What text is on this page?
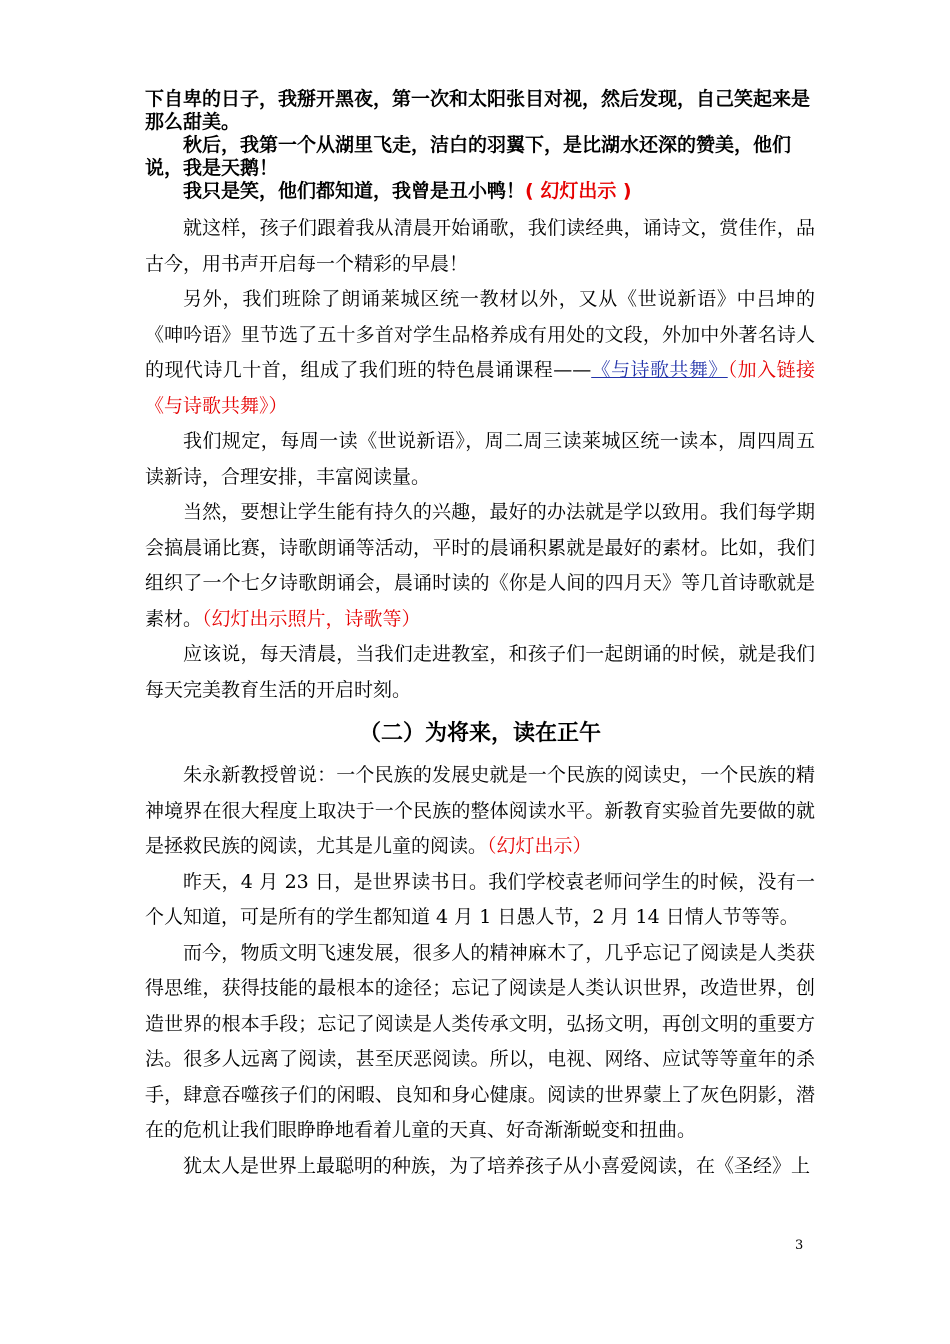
下自卑的日子，我掰开黑夜，第一次和太阳张目对视，然后发现，自己笑起来是那么甜美。

秋后，我第一个从湖里飞走，洁白的羽翼下，是比湖水还深的赞美，他们说，我是天鹅！

我只是笑，他们都知道，我曾是丑小鸭！( 幻灯出示 )

就这样，孩子们跟着我从清晨开始诵歌，我们读经典，诵诗文，赏佳作，品古今，用书声开启每一个精彩的早晨！

另外，我们班除了朗诵莱城区统一教材以外，又从《世说新语》中吕坤的《呻吟语》里节选了五十多首对学生品格养成有用处的文段，外加中外著名诗人的现代诗几十首，组成了我们班的特色晨诵课程——《与诗歌共舞》（加入链接《与诗歌共舞》）

我们规定，每周一读《世说新语》，周二周三读莱城区统一读本，周四周五读新诗，合理安排，丰富阅读量。

当然，要想让学生能有持久的兴趣，最好的办法就是学以致用。我们每学期会搞晨诵比赛，诗歌朗诵等活动，平时的晨诵积累就是最好的素材。比如，我们组织了一个七夕诗歌朗诵会，晨诵时读的《你是人间的四月天》等几首诗歌就是素材。（幻灯出示照片，诗歌等）

应该说，每天清晨，当我们走进教室，和孩子们一起朗诵的时候，就是我们每天完美教育生活的开启时刻。

（二）为将来，读在正午

朱永新教授曾说：一个民族的发展史就是一个民族的阅读史，一个民族的精神境界在很大程度上取决于一个民族的整体阅读水平。新教育实验首先要做的就是拯救民族的阅读，尤其是儿童的阅读。（幻灯出示）

昨天，4 月 23 日，是世界读书日。我们学校袁老师问学生的时候，没有一个人知道，可是所有的学生都知道 4 月 1 日愚人节，2 月 14 日情人节等等。

而今，物质文明飞速发展，很多人的精神麻木了，几乎忘记了阅读是人类获得思维，获得技能的最根本的途径；忘记了阅读是人类认识世界，改造世界，创造世界的根本手段；忘记了阅读是人类传承文明，弘扬文明，再创文明的重要方法。很多人远离了阅读，甚至厌恶阅读。所以，电视、网络、应试等等童年的杀手，肆意吞噬孩子们的闲暇、良知和身心健康。阅读的世界蒙上了灰色阴影，潜在的危机让我们眼睁睁地看着儿童的天真、好奇渐渐蜕变和扭曲。

犹太人是世界上最聪明的种族，为了培养孩子从小喜爱阅读，在《圣经》上

3
